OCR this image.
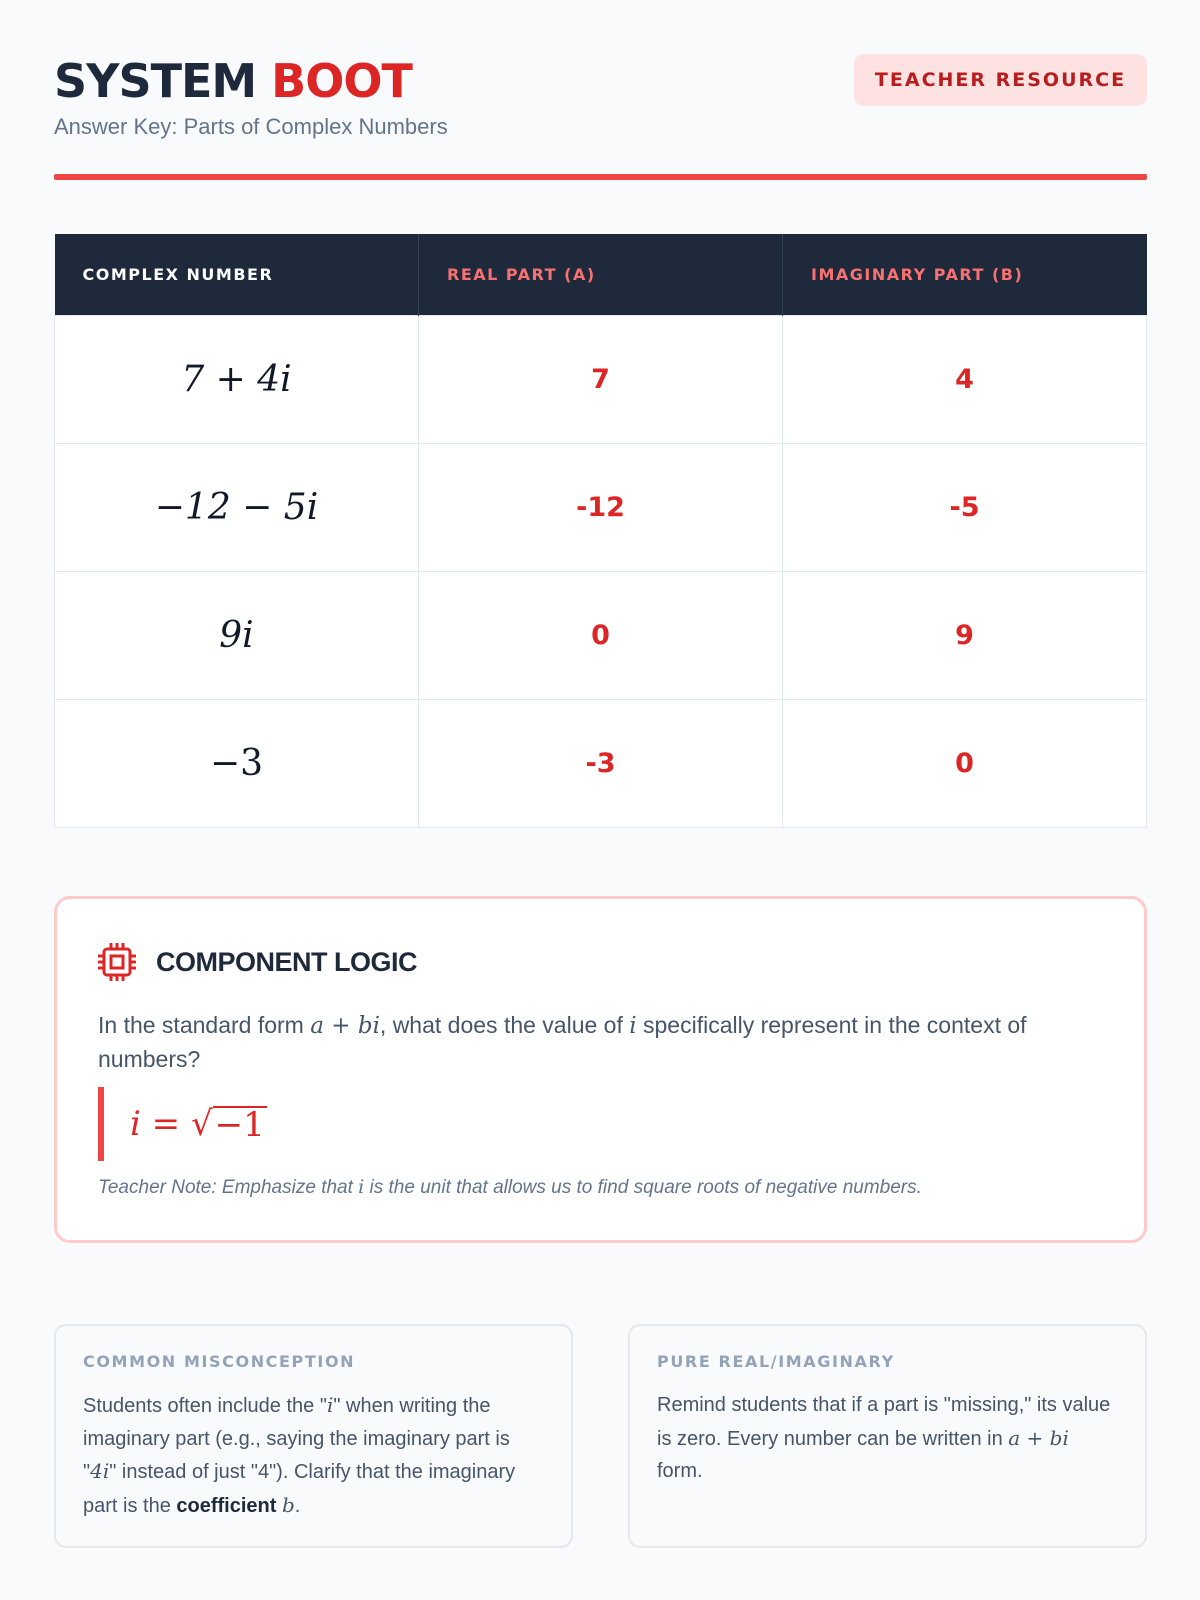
SYSTEM BOOT
Answer Key: Parts of Complex Numbers
TEACHER RESOURCE
COMPLEX NUMBER	REAL PART (A)	IMAGINARY PART (B)
7 + 4i	7	4
−12 − 5i	-12	-5
9i	0	9
−3	-3	0
COMPONENT LOGIC
In the standard form a + bi, what does the value of i specifically represent in the context of numbers?
i =
√ −1
Teacher Note: Emphasize that i is the unit that allows us to find square roots of negative numbers.
COMMON MISCONCEPTION
Students often include the "i" when writing the imaginary part (e.g., saying the imaginary part is "4i" instead of just "4"). Clarify that the imaginary part is the coefficient b.
PURE REAL/IMAGINARY
Remind students that if a part is "missing," its value is zero. Every number can be written in a + bi form.
